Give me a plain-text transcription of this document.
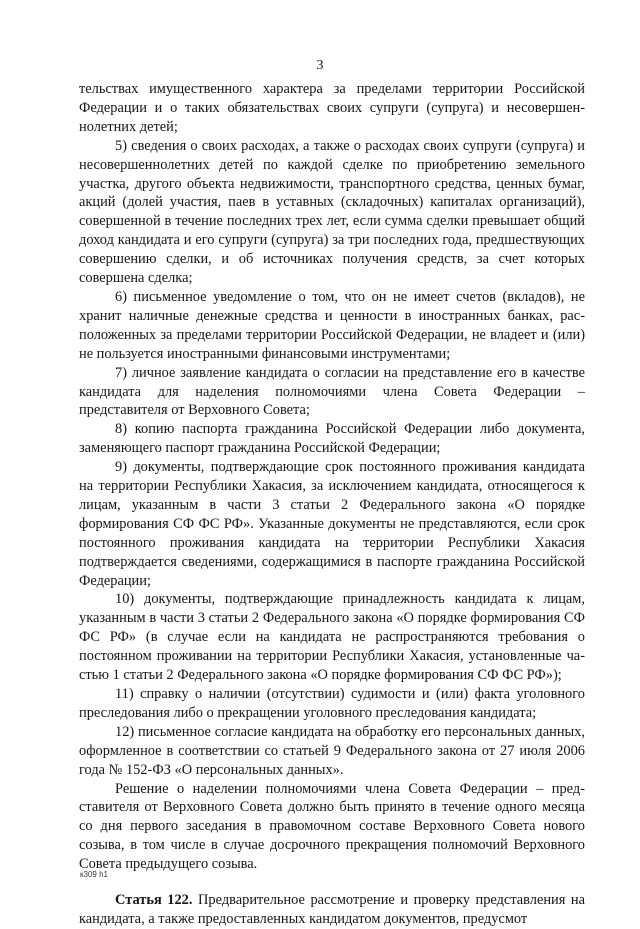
3

тельствах имущественного характера за пределами территории Российской Федерации и о таких обязательствах своих супруги (супруга) и несовершеннолетних детей;

5) сведения о своих расходах, а также о расходах своих супруги (супруга) и несовершеннолетних детей по каждой сделке по приобретению земельного участка, другого объекта недвижимости, транспортного средства, ценных бумаг, акций (долей участия, паев в уставных (складочных) капиталах организаций), совершенной в течение последних трех лет, если сумма сделки превышает общий доход кандидата и его супруги (супруга) за три последних года, предшествующих совершению сделки, и об источниках получения средств, за счет которых совершена сделка;

6) письменное уведомление о том, что он не имеет счетов (вкладов), не хранит наличные денежные средства и ценности в иностранных банках, расположенных за пределами территории Российской Федерации, не владеет и (или) не пользуется иностранными финансовыми инструментами;

7) личное заявление кандидата о согласии на представление его в качестве кандидата для наделения полномочиями члена Совета Федерации – представителя от Верховного Совета;

8) копию паспорта гражданина Российской Федерации либо документа, заменяющего паспорт гражданина Российской Федерации;

9) документы, подтверждающие срок постоянного проживания кандидата на территории Республики Хакасия, за исключением кандидата, относящегося к лицам, указанным в части 3 статьи 2 Федерального закона «О порядке формирования СФ ФС РФ». Указанные документы не представляются, если срок постоянного проживания кандидата на территории Республики Хакасия подтверждается сведениями, содержащимися в паспорте гражданина Российской Федерации;

10) документы, подтверждающие принадлежность кандидата к лицам, указанным в части 3 статьи 2 Федерального закона «О порядке формирования СФ ФС РФ» (в случае если на кандидата не распространяются требования о постоянном проживании на территории Республики Хакасия, установленные частью 1 статьи 2 Федерального закона «О порядке формирования СФ ФС РФ»);

11) справку о наличии (отсутствии) судимости и (или) факта уголовного преследования либо о прекращении уголовного преследования кандидата;

12) письменное согласие кандидата на обработку его персональных данных, оформленное в соответствии со статьей 9 Федерального закона от 27 июля 2006 года № 152-ФЗ «О персональных данных».

Решение о наделении полномочиями члена Совета Федерации – представителя от Верховного Совета должно быть принято в течение одного месяца со дня первого заседания в правомочном составе Верховного Совета нового созыва, в том числе в случае досрочного прекращения полномочий Верховного Совета предыдущего созыва.

Статья 122. Предварительное рассмотрение и проверку представления на кандидата, а также предоставленных кандидатом документов, предусмот

к309 h1
